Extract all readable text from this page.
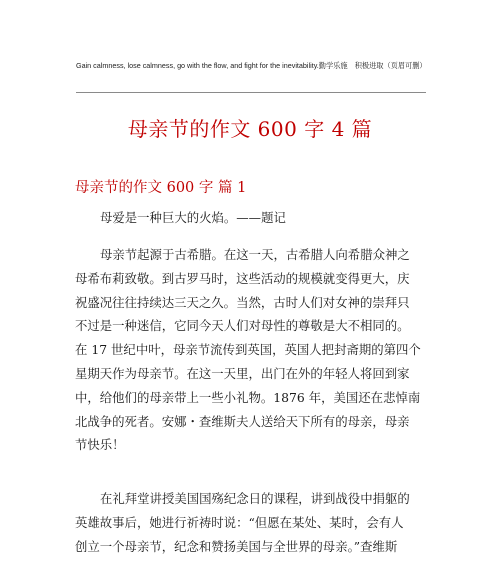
Gain calmness, lose calmness, go with the flow, and fight for the inevitability.勤学乐施　积极进取（页眉可删）
母亲节的作文 600 字 4 篇
母亲节的作文 600 字 篇 1
母爱是一种巨大的火焰。——题记
母亲节起源于古希腊。在这一天，古希腊人向希腊众神之
母希布莉致敬。到古罗马时，这些活动的规模就变得更大，庆
祝盛况往往持续达三天之久。当然，古时人们对女神的崇拜只
不过是一种迷信，它同今天人们对母性的尊敬是大不相同的。
在 17 世纪中叶，母亲节流传到英国，英国人把封斋期的第四个
星期天作为母亲节。在这一天里，出门在外的年轻人将回到家
中，给他们的母亲带上一些小礼物。1876 年，美国还在悲悼南
北战争的死者。安娜・查维斯夫人送给天下所有的母亲，母亲
节快乐！
在礼拜堂讲授美国国殇纪念日的课程，讲到战役中捐躯的
英雄故事后，她进行祈祷时说：“但愿在某处、某时，会有人
创立一个母亲节，纪念和赞扬美国与全世界的母亲。”查维斯
